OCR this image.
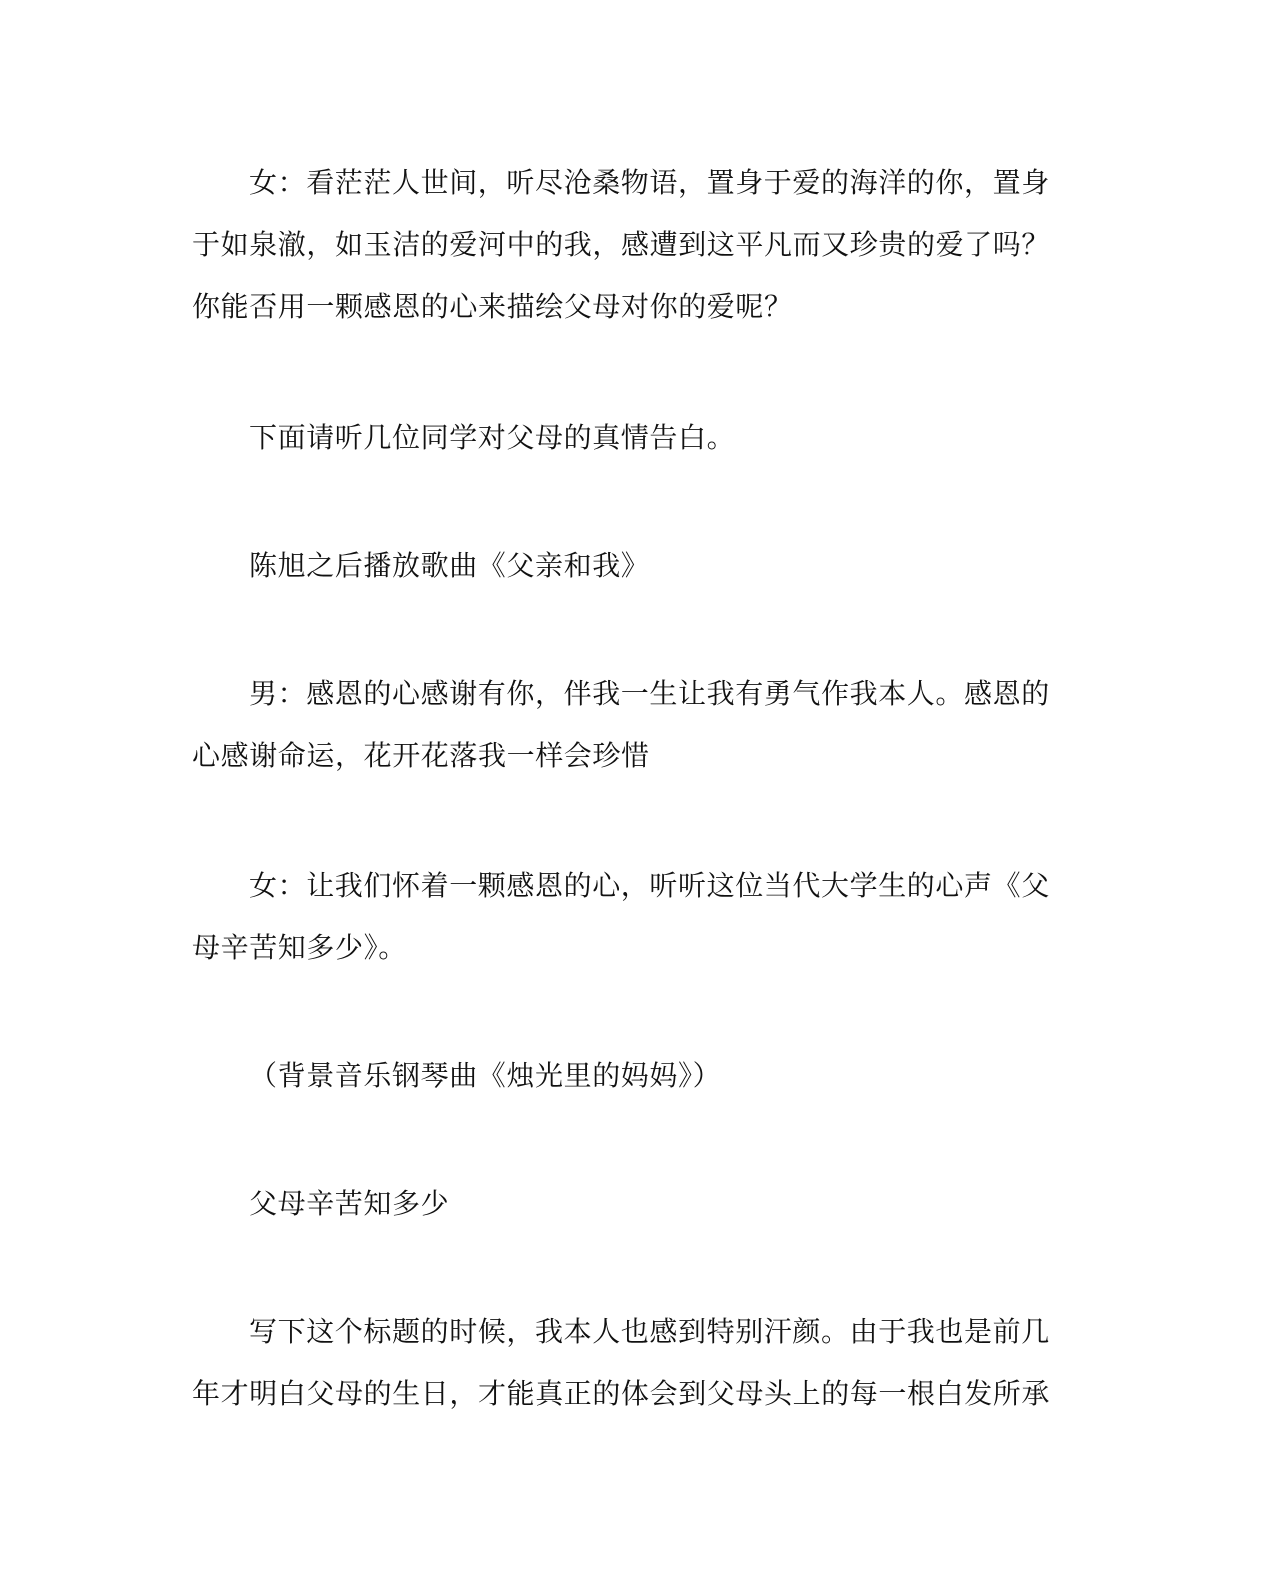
女：看茫茫人世间，听尽沧桑物语，置身于爱的海洋的你，置身
于如泉澈，如玉洁的爱河中的我，感遭到这平凡而又珍贵的爱了吗？
你能否用一颗感恩的心来描绘父母对你的爱呢？
下面请听几位同学对父母的真情告白。
陈旭之后播放歌曲《父亲和我》
男：感恩的心感谢有你，伴我一生让我有勇气作我本人。感恩的
心感谢命运，花开花落我一样会珍惜
女：让我们怀着一颗感恩的心，听听这位当代大学生的心声《父
母辛苦知多少》。
（背景音乐钢琴曲《烛光里的妈妈》）
父母辛苦知多少
写下这个标题的时候，我本人也感到特别汗颜。由于我也是前几
年才明白父母的生日，才能真正的体会到父母头上的每一根白发所承
